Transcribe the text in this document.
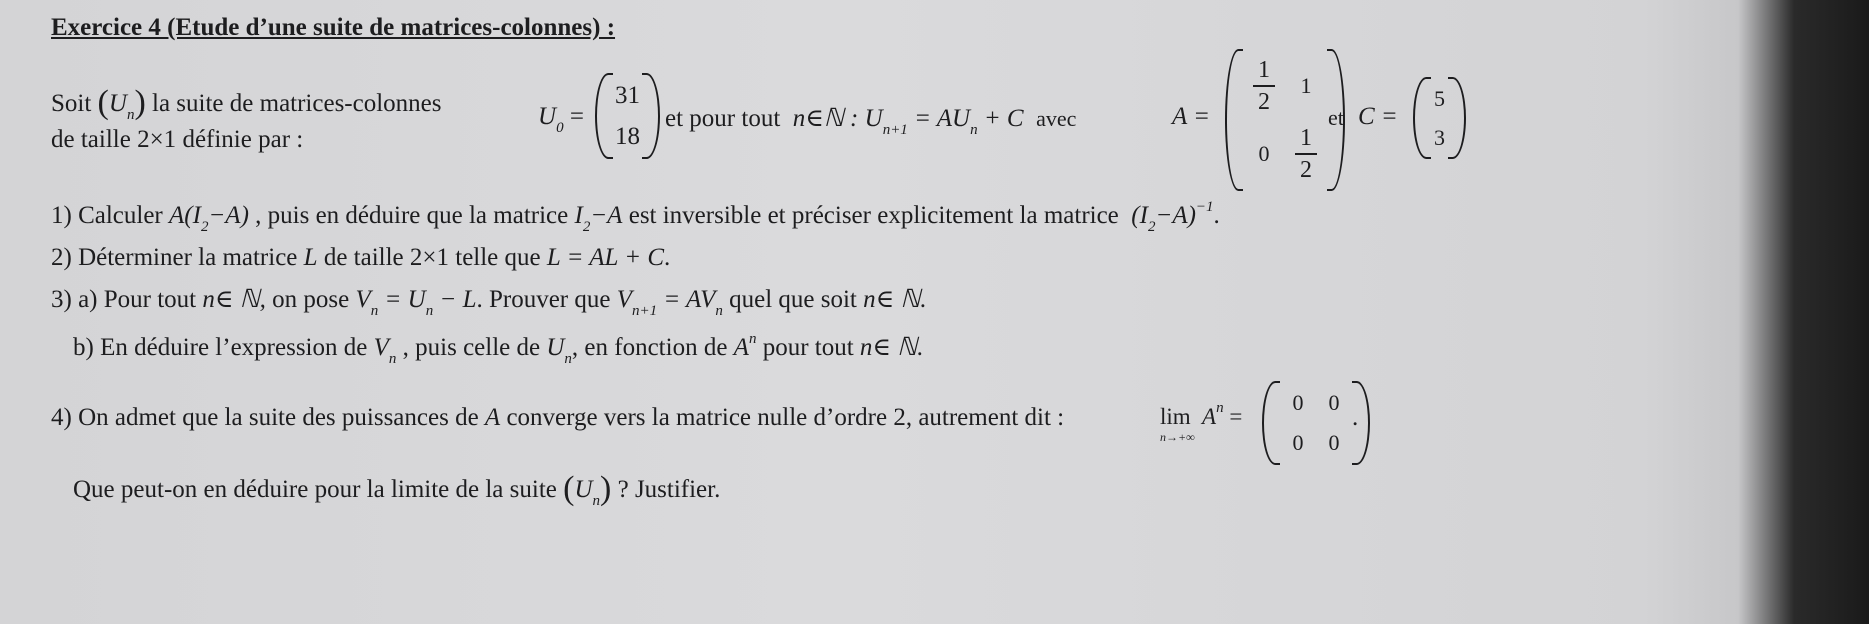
Exercice 4 (Etude d’une suite de matrices-colonnes) :
Soit $(U_n)$ la suite de matrices-colonnes
de taille 2×1 définie par :
$U_0$ =
31
18
et pour tout n∈ℕ : $U_{n+1} = AU_n + C$ avec	A =
$\frac{1}{2} 1$
$0 \frac{1}{2}$
et C =
5
3
1) Calculer $A(I_2-A)$ , puis en déduire que la matrice $I_2-A$ est inversible et préciser explicitement la matrice $(I_2-A)^{-1}$.
2) Déterminer la matrice L de taille 2×1 telle que L = AL + C.
3) a) Pour tout n∈ ℕ, on pose $V_n = U_n - L$. Prouver que $V_{n+1} = AV_n$ quel que soit n∈ ℕ.
b) En déduire l’expression de $V_n$ , puis celle de $U_n$, en fonction de $A^n$ pour tout n∈ ℕ.
4) On admet que la suite des puissances de A converge vers la matrice nulle d’ordre 2, autrement dit :	lim
n→+∞
$A^n$ =
0 0
0 0
.
Que peut-on en déduire pour la limite de la suite $(U_n)$ ? Justifier.
